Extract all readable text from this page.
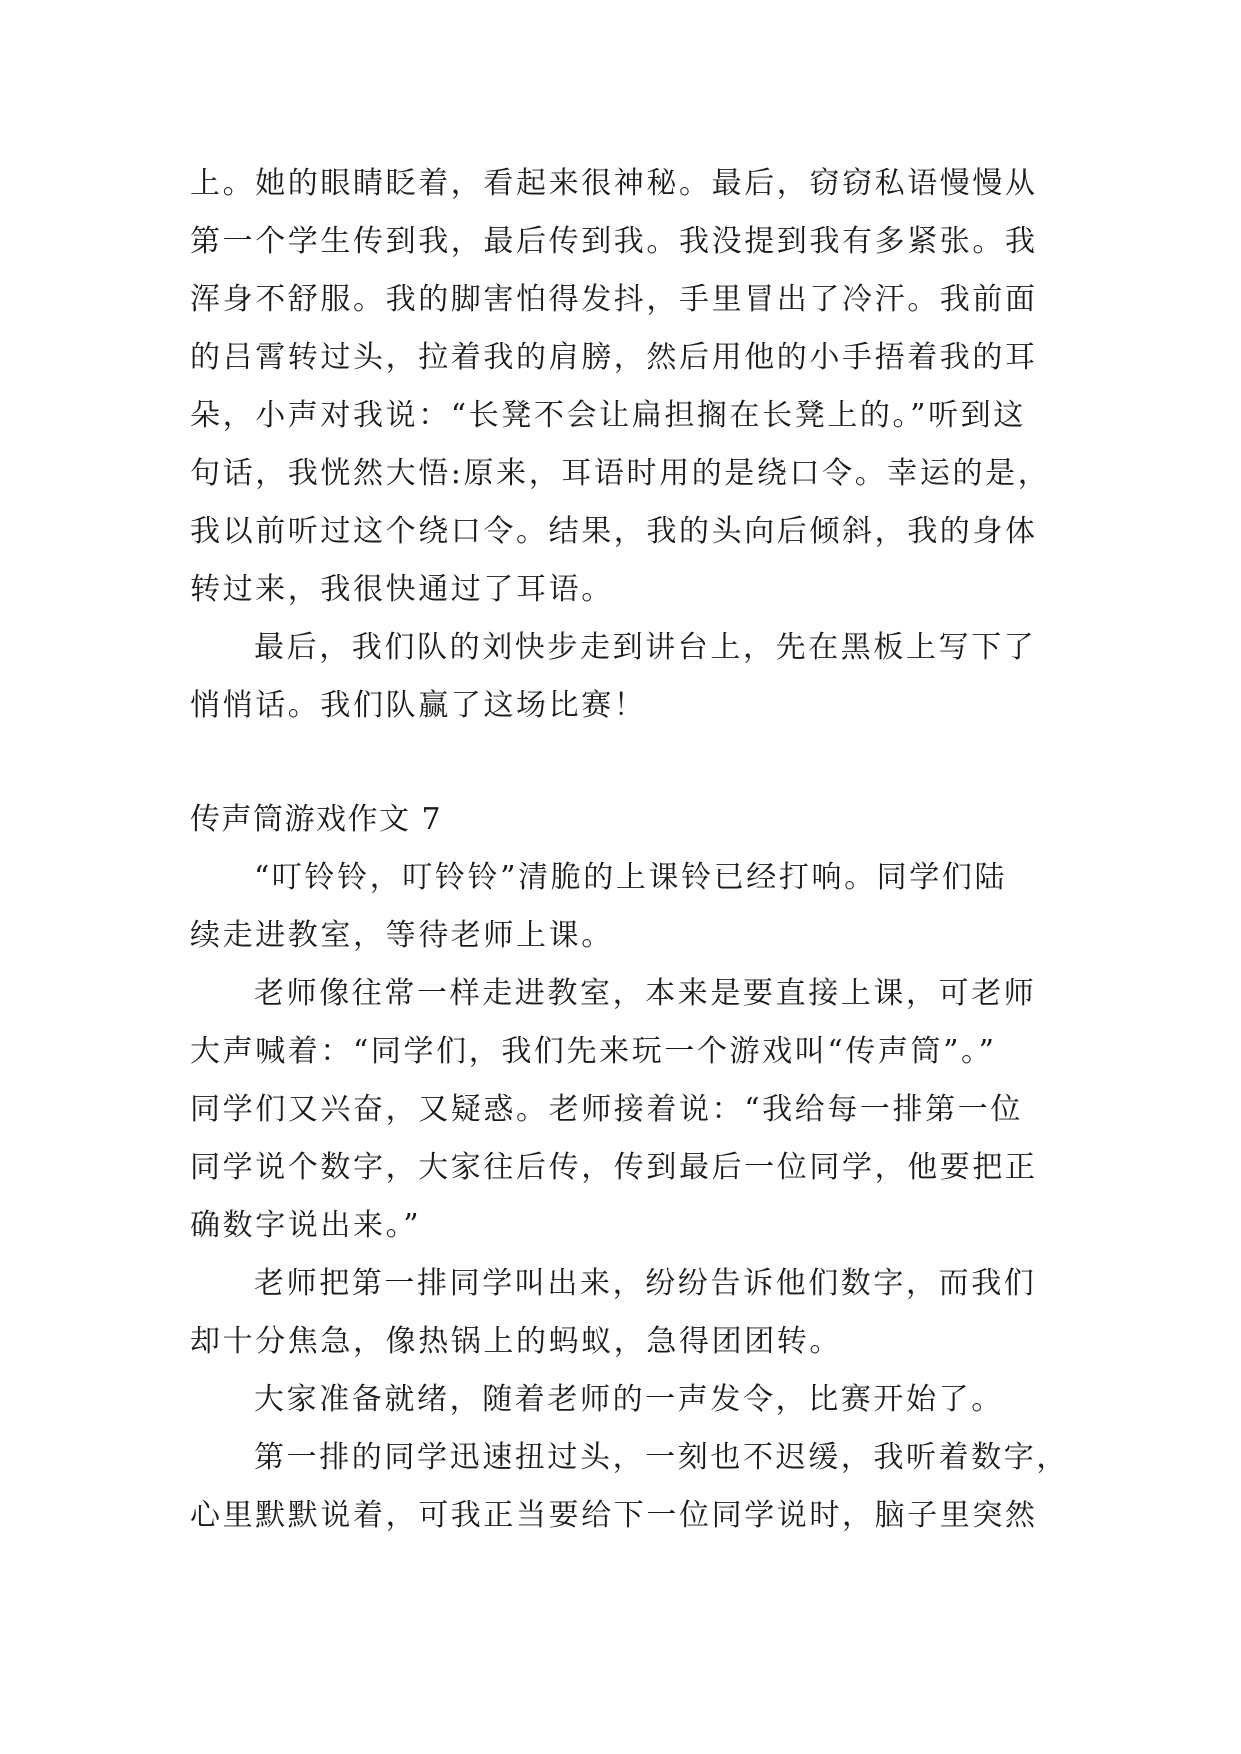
上。她的眼睛眨着，看起来很神秘。最后，窃窃私语慢慢从
第一个学生传到我，最后传到我。我没提到我有多紧张。我
浑身不舒服。我的脚害怕得发抖，手里冒出了冷汗。我前面
的吕霄转过头，拉着我的肩膀，然后用他的小手捂着我的耳
朵，小声对我说：“长凳不会让扁担搁在长凳上的。”听到这
句话，我恍然大悟:原来，耳语时用的是绕口令。幸运的是，
我以前听过这个绕口令。结果，我的头向后倾斜，我的身体
转过来，我很快通过了耳语。
最后，我们队的刘快步走到讲台上，先在黑板上写下了
悄悄话。我们队赢了这场比赛！
传声筒游戏作文 7
“叮铃铃，叮铃铃”清脆的上课铃已经打响。同学们陆
续走进教室，等待老师上课。
老师像往常一样走进教室，本来是要直接上课，可老师
大声喊着：“同学们，我们先来玩一个游戏叫“传声筒”。”
同学们又兴奋，又疑惑。老师接着说：“我给每一排第一位
同学说个数字，大家往后传，传到最后一位同学，他要把正
确数字说出来。”
老师把第一排同学叫出来，纷纷告诉他们数字，而我们
却十分焦急，像热锅上的蚂蚁，急得团团转。
大家准备就绪，随着老师的一声发令，比赛开始了。
第一排的同学迅速扭过头，一刻也不迟缓，我听着数字，
心里默默说着，可我正当要给下一位同学说时，脑子里突然
